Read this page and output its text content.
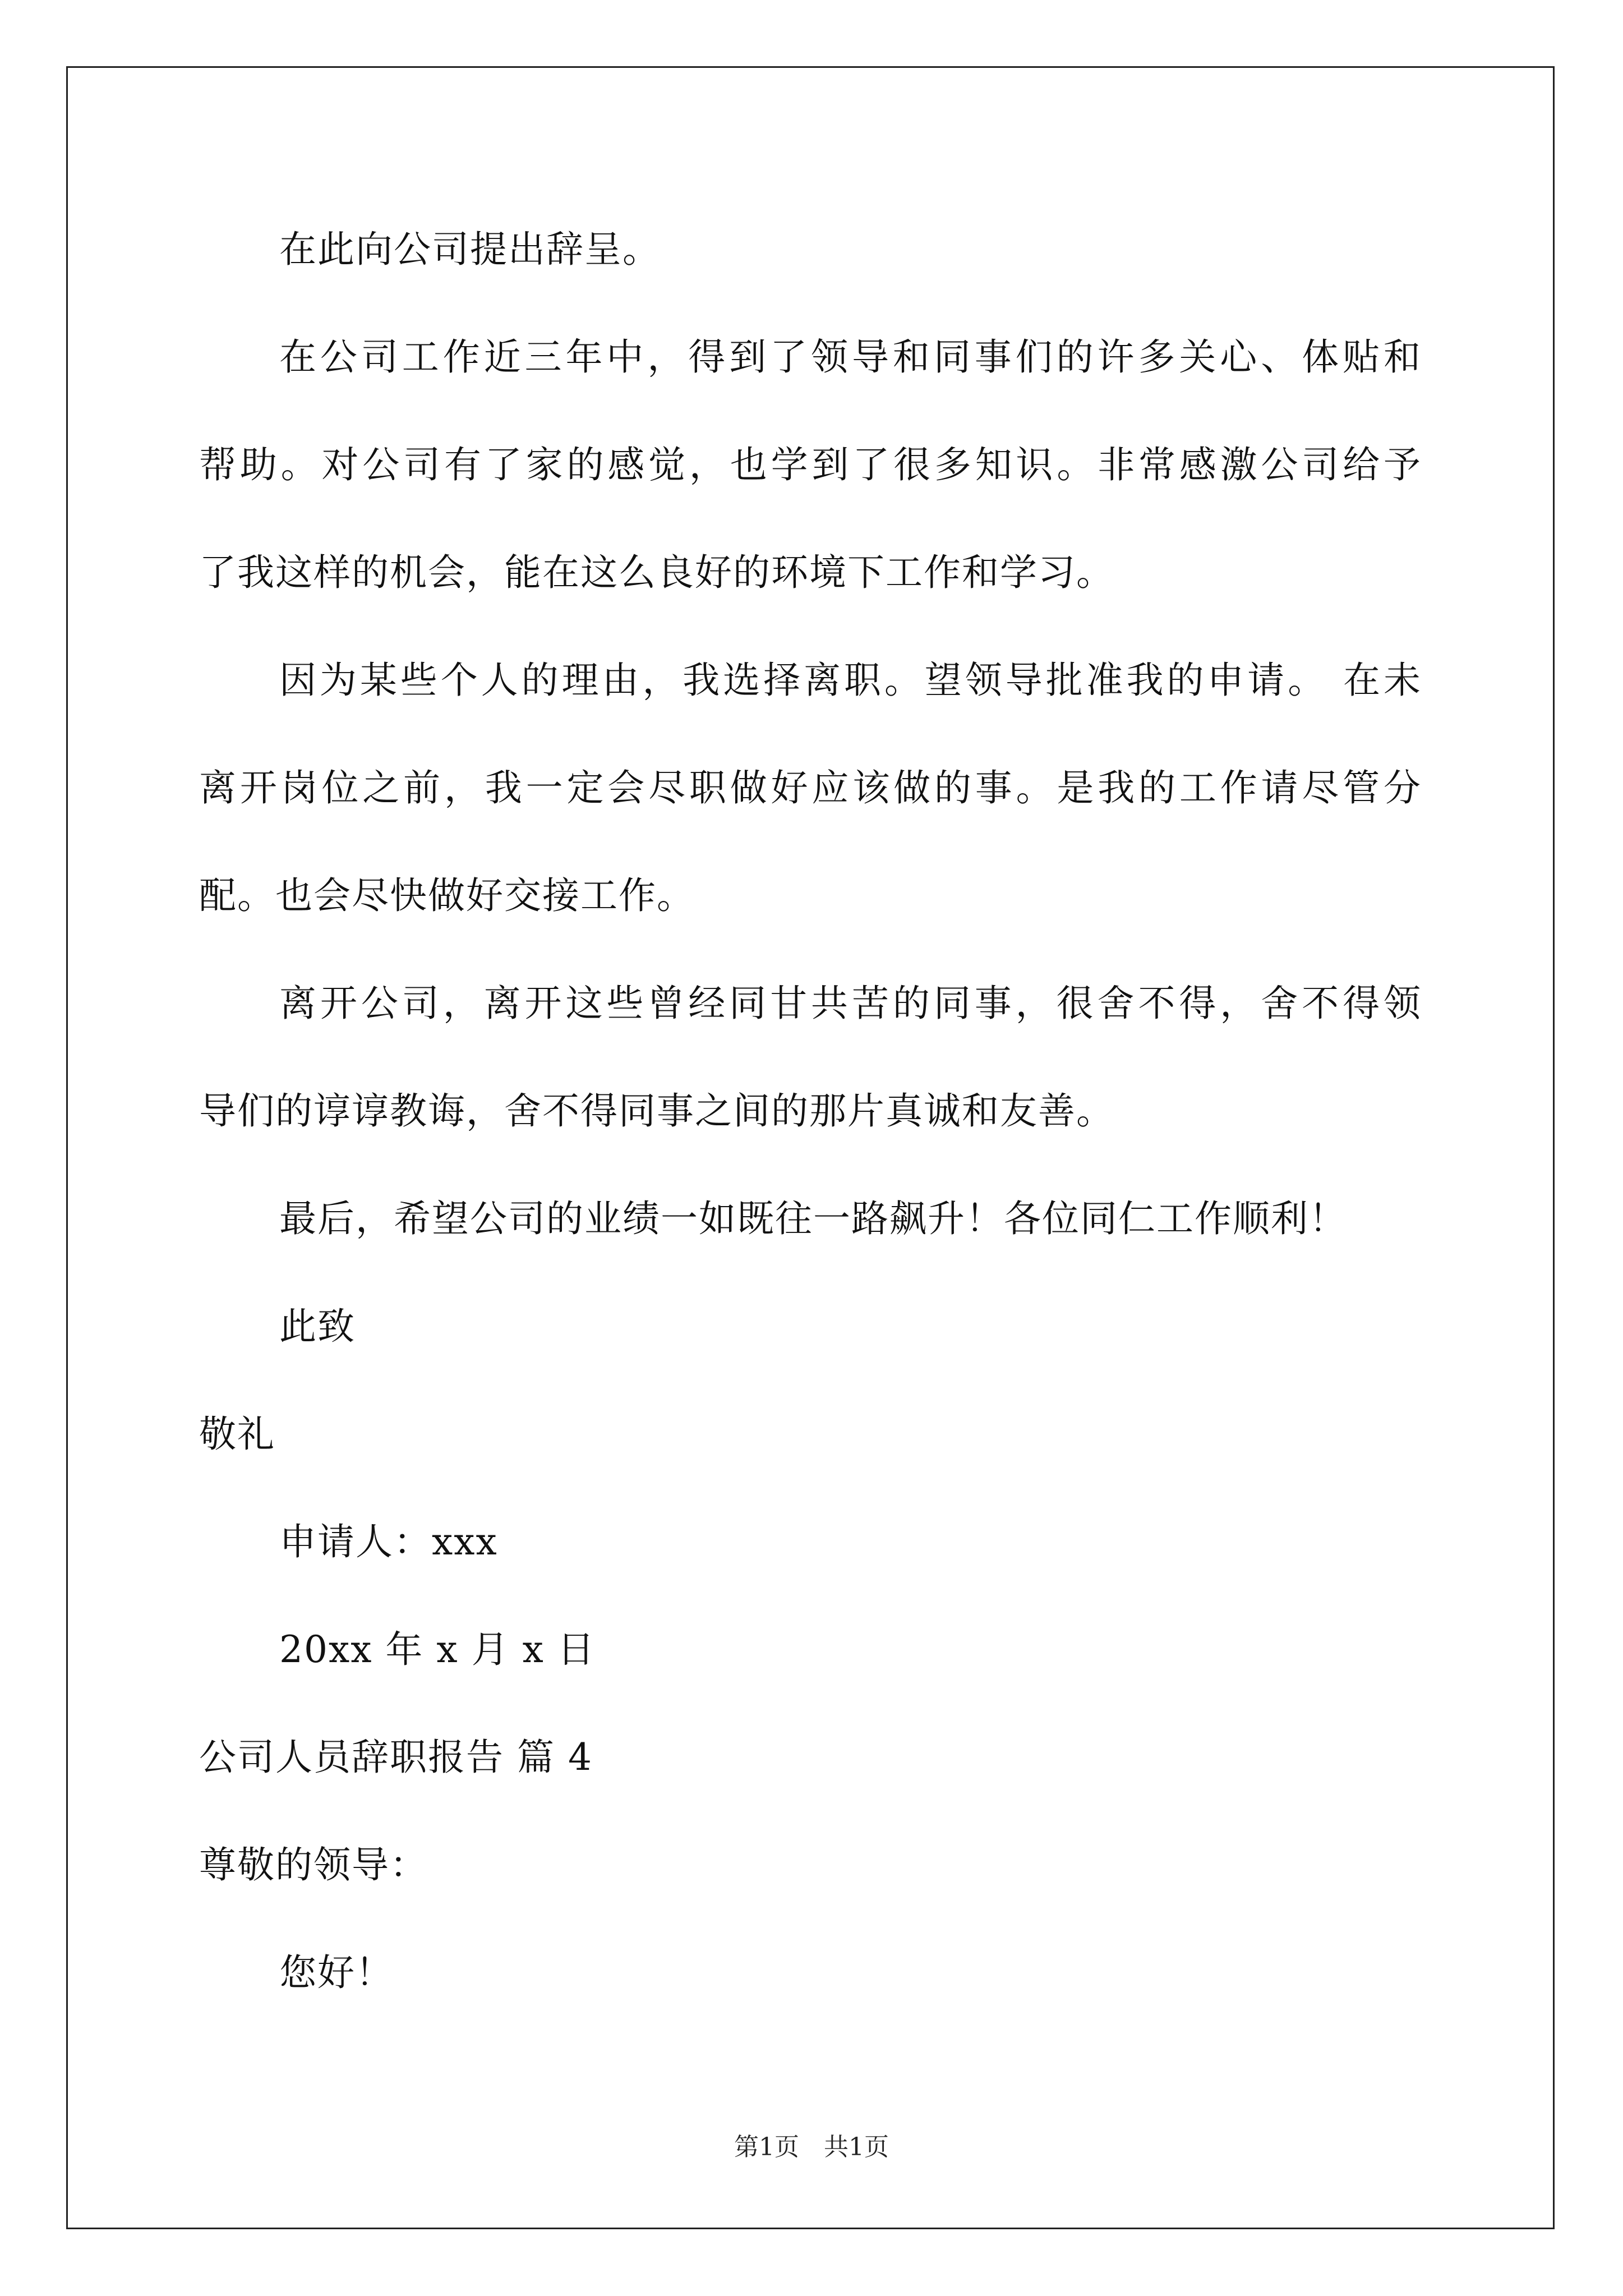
在此向公司提出辞呈。
在公司工作近三年中，得到了领导和同事们的许多关心、体贴和
帮助。对公司有了家的感觉，也学到了很多知识。非常感激公司给予
了我这样的机会，能在这么良好的环境下工作和学习。
因为某些个人的理由，我选择离职。望领导批准我的申请。 在未
离开岗位之前，我一定会尽职做好应该做的事。是我的工作请尽管分
配。也会尽快做好交接工作。
离开公司，离开这些曾经同甘共苦的同事，很舍不得，舍不得领
导们的谆谆教诲，舍不得同事之间的那片真诚和友善。
最后，希望公司的业绩一如既往一路飙升！各位同仁工作顺利！
此致
敬礼
申请人：xxx
20xx 年 x 月 x 日
公司人员辞职报告 篇 4
尊敬的领导：
您好！
第1页　共1页
